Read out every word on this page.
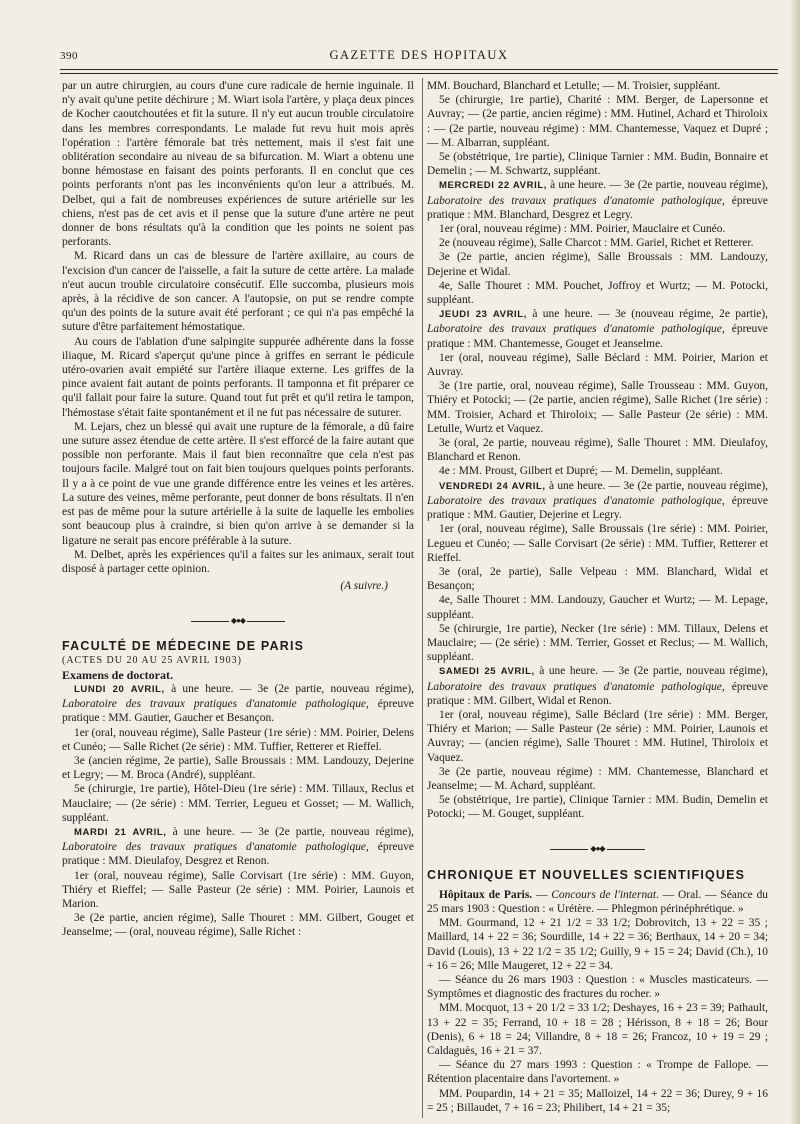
390	GAZETTE DES HOPITAUX

par un autre chirurgien, au cours d'une cure radicale de hernie inguinale. Il n'y avait qu'une petite déchirure ; M. Wiart isola l'artère, y plaça deux pinces de Kocher caoutchoutées et fit la suture. Il n'y eut aucun trouble circulatoire dans les membres correspondants. Le malade fut revu huit mois après l'opération : l'artère fémorale bat très nettement, mais il s'est fait une oblitération secondaire au niveau de sa bifurcation. M. Wiart a obtenu une bonne hémostase en faisant des points perforants. Il en conclut que ces points perforants n'ont pas les inconvénients qu'on leur a attribués. M. Delbet, qui a fait de nombreuses expériences de suture artérielle sur les chiens, n'est pas de cet avis et il pense que la suture d'une artère ne peut donner de bons résultats qu'à la condition que les points ne soient pas perforants.

M. Ricard dans un cas de blessure de l'artère axillaire, au cours de l'excision d'un cancer de l'aisselle, a fait la suture de cette artère. La malade n'eut aucun trouble circulatoire consécutif. Elle succomba, plusieurs mois après, à la récidive de son cancer. A l'autopsie, on put se rendre compte qu'un des points de la suture avait été perforant ; ce qui n'a pas empêché la suture d'être parfaitement hémostatique.

Au cours de l'ablation d'une salpingite suppurée adhérente dans la fosse iliaque, M. Ricard s'aperçut qu'une pince à griffes en serrant le pédicule utéro-ovarien avait empiété sur l'artère iliaque externe. Les griffes de la pince avaient fait autant de points perforants. Il tamponna et fit préparer ce qu'il fallait pour faire la suture. Quand tout fut prêt et qu'il retira le tampon, l'hémostase s'était faite spontanément et il ne fut pas nécessaire de suturer.

M. Lejars, chez un blessé qui avait une rupture de la fémorale, a dû faire une suture assez étendue de cette artère. Il s'est efforcé de la faire autant que possible non perforante. Mais il faut bien reconnaître que cela n'est pas toujours facile. Malgré tout on fait bien toujours quelques points perforants. Il y a à ce point de vue une grande différence entre les veines et les artères. La suture des veines, même perforante, peut donner de bons résultats. Il n'en est pas de même pour la suture artérielle à la suite de laquelle les embolies sont beaucoup plus à craindre, si bien qu'on arrive à se demander si la ligature ne serait pas encore préférable à la suture.

M. Delbet, après les expériences qu'il a faites sur les animaux, serait tout disposé à partager cette opinion.

(A suivre.)

◆●◆

FACULTÉ DE MÉDECINE DE PARIS

(ACTES DU 20 AU 25 AVRIL 1903)

Examens de doctorat.

LUNDI 20 AVRIL, à une heure. — 3e (2e partie, nouveau régime), Laboratoire des travaux pratiques d'anatomie pathologique, épreuve pratique : MM. Gautier, Gaucher et Besançon.

1er (oral, nouveau régime), Salle Pasteur (1re série) : MM. Poirier, Delens et Cunéo; — Salle Richet (2e série) : MM. Tuffier, Retterer et Rieffel.

3e (ancien régime, 2e partie), Salle Broussais : MM. Landouzy, Dejerine et Legry; — M. Broca (André), suppléant.

5e (chirurgie, 1re partie), Hôtel-Dieu (1re série) : MM. Tillaux, Reclus et Mauclaire; — (2e série) : MM. Terrier, Legueu et Gosset; — M. Wallich, suppléant.

MARDI 21 AVRIL, à une heure. — 3e (2e partie, nouveau régime), Laboratoire des travaux pratiques d'anatomie pathologique, épreuve pratique : MM. Dieulafoy, Desgrez et Renon.

1er (oral, nouveau régime), Salle Corvisart (1re série) : MM. Guyon, Thiéry et Rieffel; — Salle Pasteur (2e série) : MM. Poirier, Launois et Marion.

3e (2e partie, ancien régime), Salle Thouret : MM. Gilbert, Gouget et Jeanselme; — (oral, nouveau régime), Salle Richet :

MM. Bouchard, Blanchard et Letulle; — M. Troisier, suppléant.

5e (chirurgie, 1re partie), Charité : MM. Berger, de Lapersonne et Auvray; — (2e partie, ancien régime) : MM. Hutinel, Achard et Thiroloix : — (2e partie, nouveau régime) : MM. Chantemesse, Vaquez et Dupré ; — M. Albarran, suppléant.

5e (obstétrique, 1re partie), Clinique Tarnier : MM. Budin, Bonnaire et Demelin ; — M. Schwartz, suppléant.

MERCREDI 22 AVRIL, à une heure. — 3e (2e partie, nouveau régime), Laboratoire des travaux pratiques d'anatomie pathologique, épreuve pratique : MM. Blanchard, Desgrez et Legry.

1er (oral, nouveau régime) : MM. Poirier, Mauclaire et Cunéo.

2e (nouveau régime), Salle Charcot : MM. Gariel, Richet et Retterer.

3e (2e partie, ancien régime), Salle Broussais : MM. Landouzy, Dejerine et Widal.

4e, Salle Thouret : MM. Pouchet, Joffroy et Wurtz; — M. Potocki, suppléant.

JEUDI 23 AVRIL, à une heure. — 3e (nouveau régime, 2e partie), Laboratoire des travaux pratiques d'anatomie pathologique, épreuve pratique : MM. Chantemesse, Gouget et Jeanselme.

1er (oral, nouveau régime), Salle Béclard : MM. Poirier, Marion et Auvray.

3e (1re partie, oral, nouveau régime), Salle Trousseau : MM. Guyon, Thiéry et Potocki; — (2e partie, ancien régime), Salle Richet (1re série) : MM. Troisier, Achard et Thiroloix; — Salle Pasteur (2e série) : MM. Letulle, Wurtz et Vaquez.

3e (oral, 2e partie, nouveau régime), Salle Thouret : MM. Dieulafoy, Blanchard et Renon.

4e : MM. Proust, Gilbert et Dupré; — M. Demelin, suppléant.

VENDREDI 24 AVRIL, à une heure. — 3e (2e partie, nouveau régime), Laboratoire des travaux pratiques d'anatomie pathologique, épreuve pratique : MM. Gautier, Dejerine et Legry.

1er (oral, nouveau régime), Salle Broussais (1re série) : MM. Poirier, Legueu et Cunéo; — Salle Corvisart (2e série) : MM. Tuffier, Retterer et Rieffel.

3e (oral, 2e partie), Salle Velpeau : MM. Blanchard, Widal et Besançon;

4e, Salle Thouret : MM. Landouzy, Gaucher et Wurtz; — M. Lepage, suppléant.

5e (chirurgie, 1re partie), Necker (1re série) : MM. Tillaux, Delens et Mauclaire; — (2e série) : MM. Terrier, Gosset et Reclus; — M. Wallich, suppléant.

SAMEDI 25 AVRIL, à une heure. — 3e (2e partie, nouveau régime), Laboratoire des travaux pratiques d'anatomie pathologique, épreuve pratique : MM. Gilbert, Widal et Renon.

1er (oral, nouveau régime), Salle Béclard (1re série) : MM. Berger, Thiéry et Marion; — Salle Pasteur (2e série) : MM. Poirier, Launois et Auvray; — (ancien régime), Salle Thouret : MM. Hutinel, Thiroloix et Vaquez.

3e (2e partie, nouveau régime) : MM. Chantemesse, Blanchard et Jeanselme; — M. Achard, suppléant.

5e (obstétrique, 1re partie), Clinique Tarnier : MM. Budin, Demelin et Potocki; — M. Gouget, suppléant.

◆●◆

CHRONIQUE ET NOUVELLES SCIENTIFIQUES

Hôpitaux de Paris. — Concours de l'internat. — Oral. — Séance du 25 mars 1903 : Question : « Urétère. — Phlegmon périnéphrétique. »

MM. Gourmand, 12 + 21 1/2 = 33 1/2; Dobrovitch, 13 + 22 = 35 ; Maillard, 14 + 22 = 36; Sourdille, 14 + 22 = 36; Berthaux, 14 + 20 = 34; David (Louis), 13 + 22 1/2 = 35 1/2; Guilly, 9 + 15 = 24; David (Ch.), 10 + 16 = 26; Mlle Maugeret, 12 + 22 = 34.

— Séance du 26 mars 1903 : Question : « Muscles masticateurs. — Symptômes et diagnostic des fractures du rocher. »

MM. Mocquot, 13 + 20 1/2 = 33 1/2; Deshayes, 16 + 23 = 39; Pathault, 13 + 22 = 35; Ferrand, 10 + 18 = 28 ; Hérisson, 8 + 18 = 26; Bour (Denis), 6 + 18 = 24; Villandre, 8 + 18 = 26; Francoz, 10 + 19 = 29 ; Caldaguès, 16 + 21 = 37.

— Séance du 27 mars 1993 : Question : « Trompe de Fallope. — Rétention placentaire dans l'avortement. »

MM. Poupardin, 14 + 21 = 35; Malloizel, 14 + 22 = 36; Durey, 9 + 16 = 25 ; Billaudet, 7 + 16 = 23; Philibert, 14 + 21 = 35;
